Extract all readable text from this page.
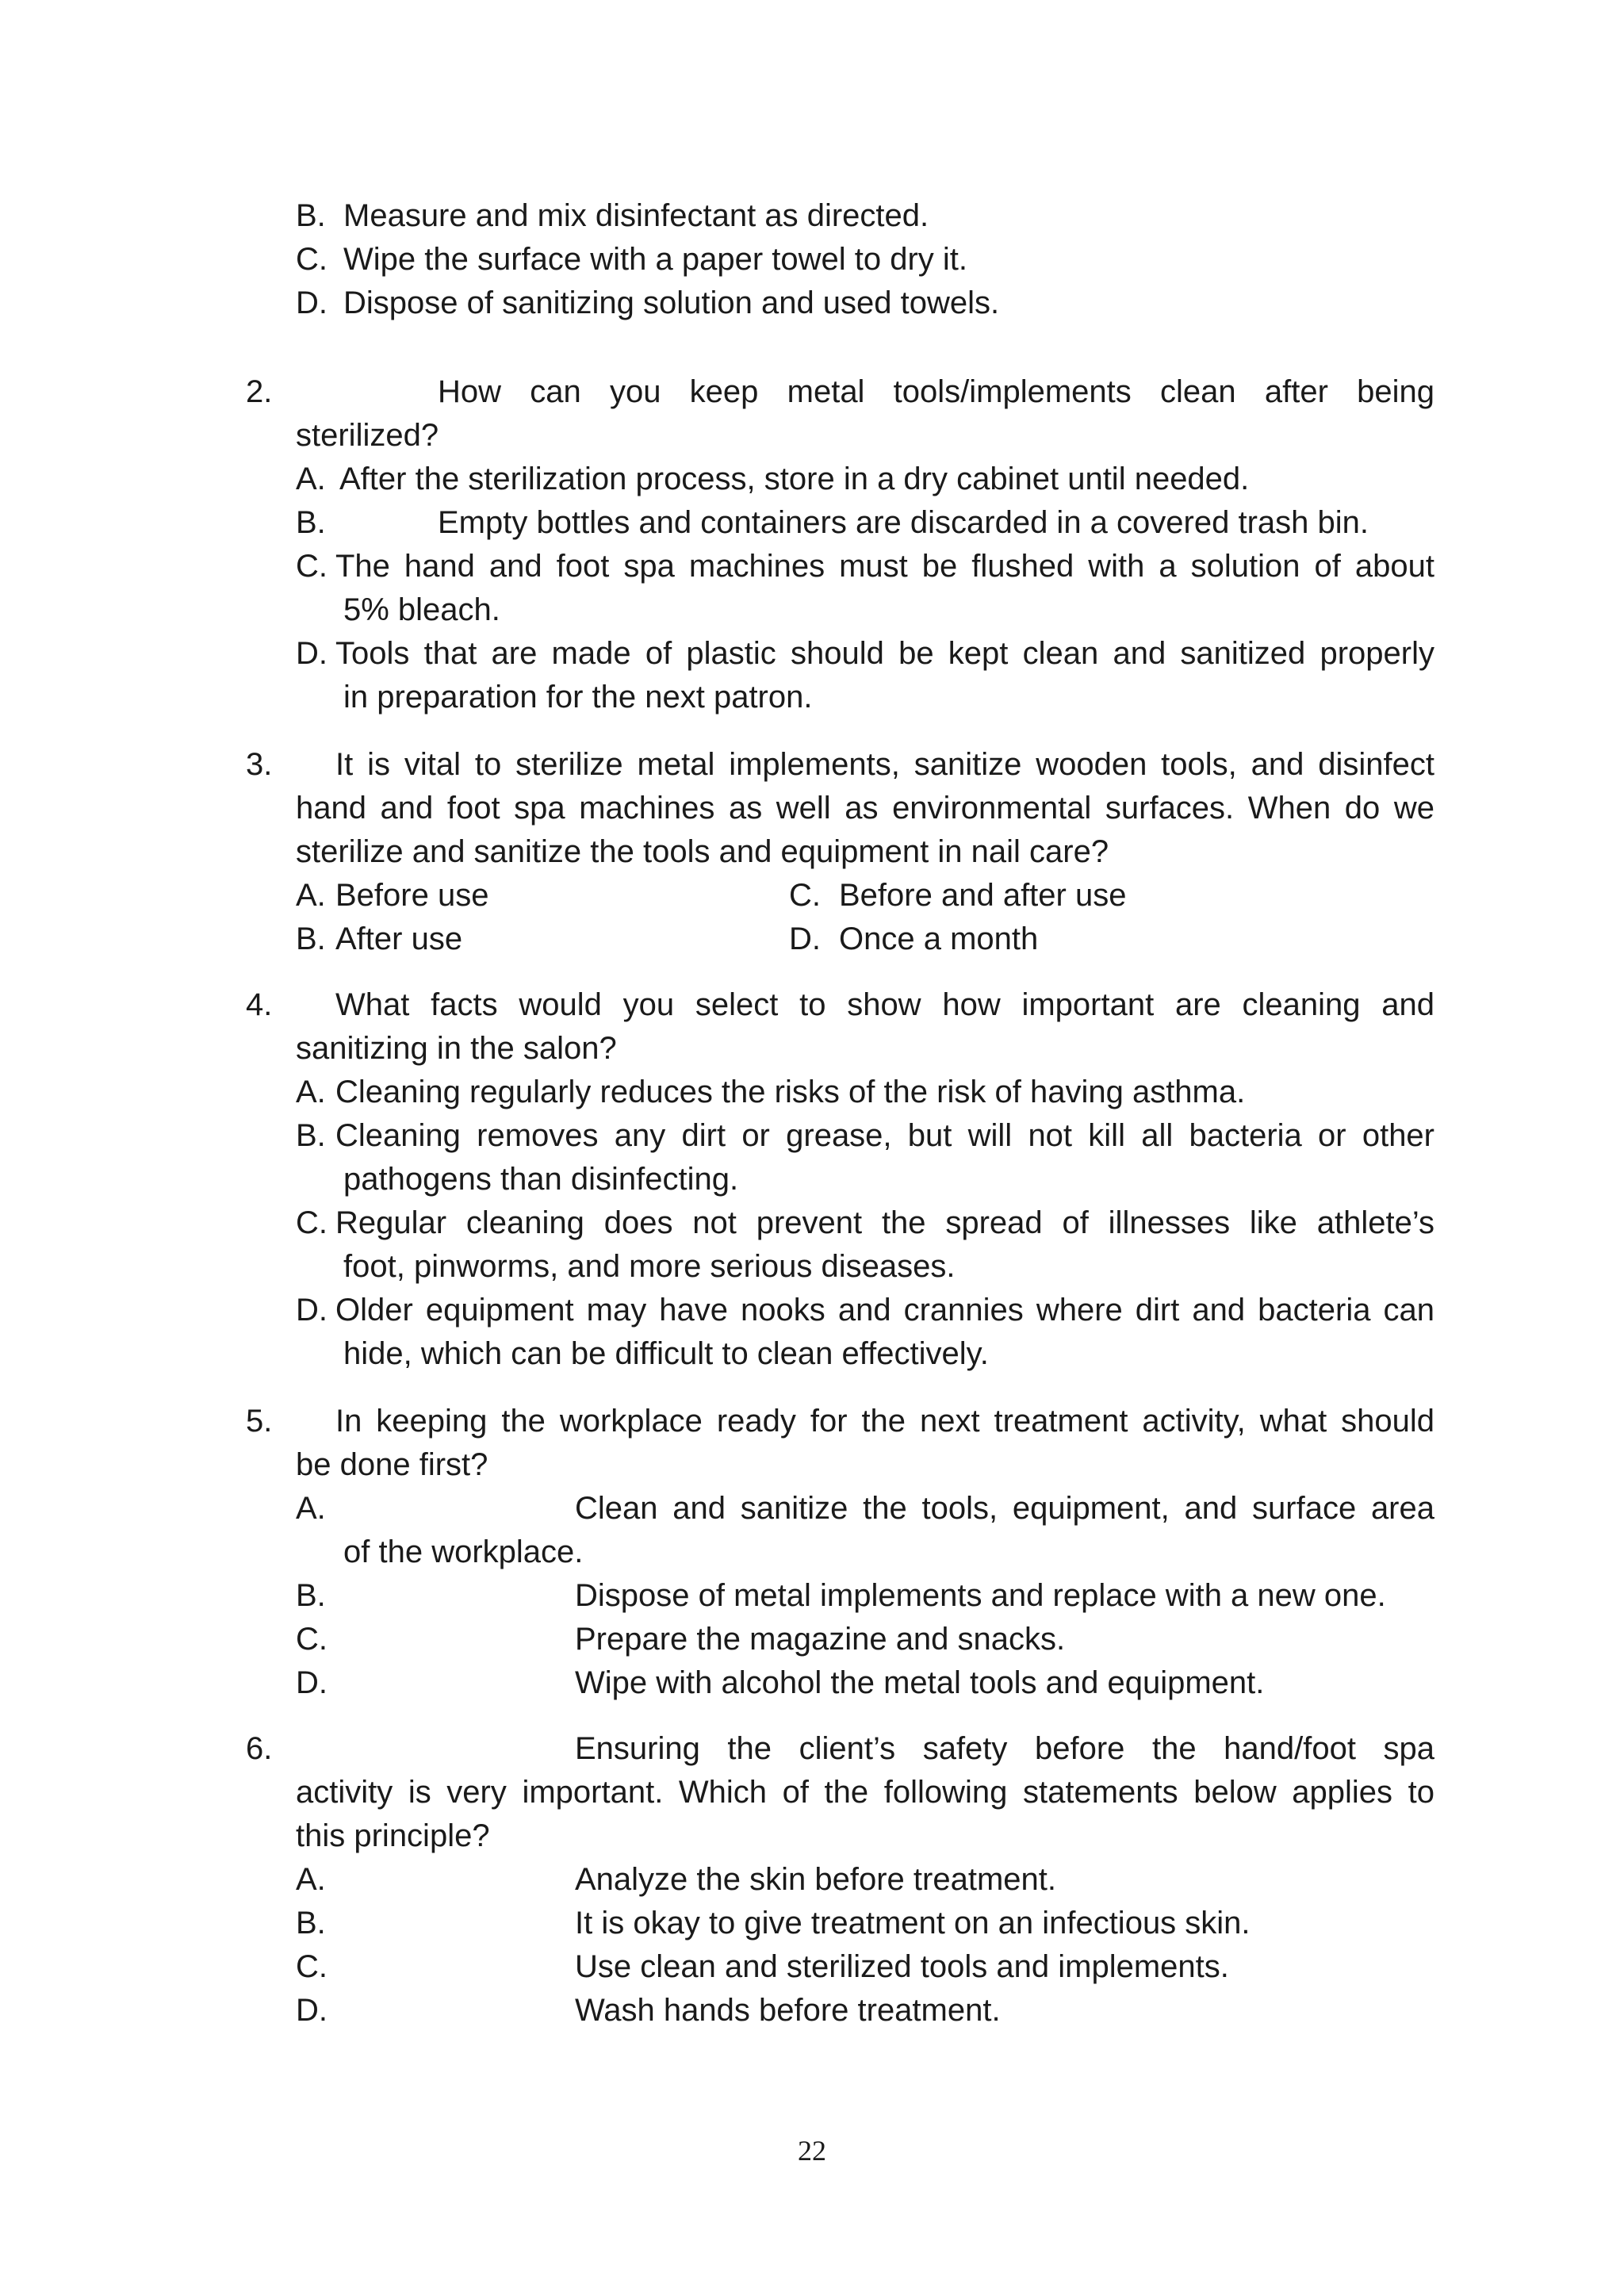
B. Measure and mix disinfectant as directed.
C. Wipe the surface with a paper towel to dry it.
D. Dispose of sanitizing solution and used towels.
2.	How can you keep metal tools/implements clean after being
sterilized?
A. After the sterilization process, store in a dry cabinet until needed.
B.	Empty bottles and containers are discarded in a covered trash bin.
C. The hand and foot spa machines must be flushed with a solution of about
5% bleach.
D. Tools that are made of plastic should be kept clean and sanitized properly
in preparation for the next patron.
3. It is vital to sterilize metal implements, sanitize wooden tools, and disinfect
hand and foot spa machines as well as environmental surfaces. When do we
sterilize and sanitize the tools and equipment in nail care?
A. Before use	C. Before and after use
B. After use	D. Once a month
4. What facts would you select to show how important are cleaning and
sanitizing in the salon?
A. Cleaning regularly reduces the risks of the risk of having asthma.
B. Cleaning removes any dirt or grease, but will not kill all bacteria or other
pathogens than disinfecting.
C. Regular cleaning does not prevent the spread of illnesses like athlete’s
foot, pinworms, and more serious diseases.
D. Older equipment may have nooks and crannies where dirt and bacteria can
hide, which can be difficult to clean effectively.
5. In keeping the workplace ready for the next treatment activity, what should
be done first?
A.	Clean and sanitize the tools, equipment, and surface area
of the workplace.
B.	Dispose of metal implements and replace with a new one.
C.	Prepare the magazine and snacks.
D.	Wipe with alcohol the metal tools and equipment.
6.	Ensuring the client’s safety before the hand/foot spa
activity is very important. Which of the following statements below applies to
this principle?
A.	Analyze the skin before treatment.
B.	It is okay to give treatment on an infectious skin.
C.	Use clean and sterilized tools and implements.
D.	Wash hands before treatment.
22
